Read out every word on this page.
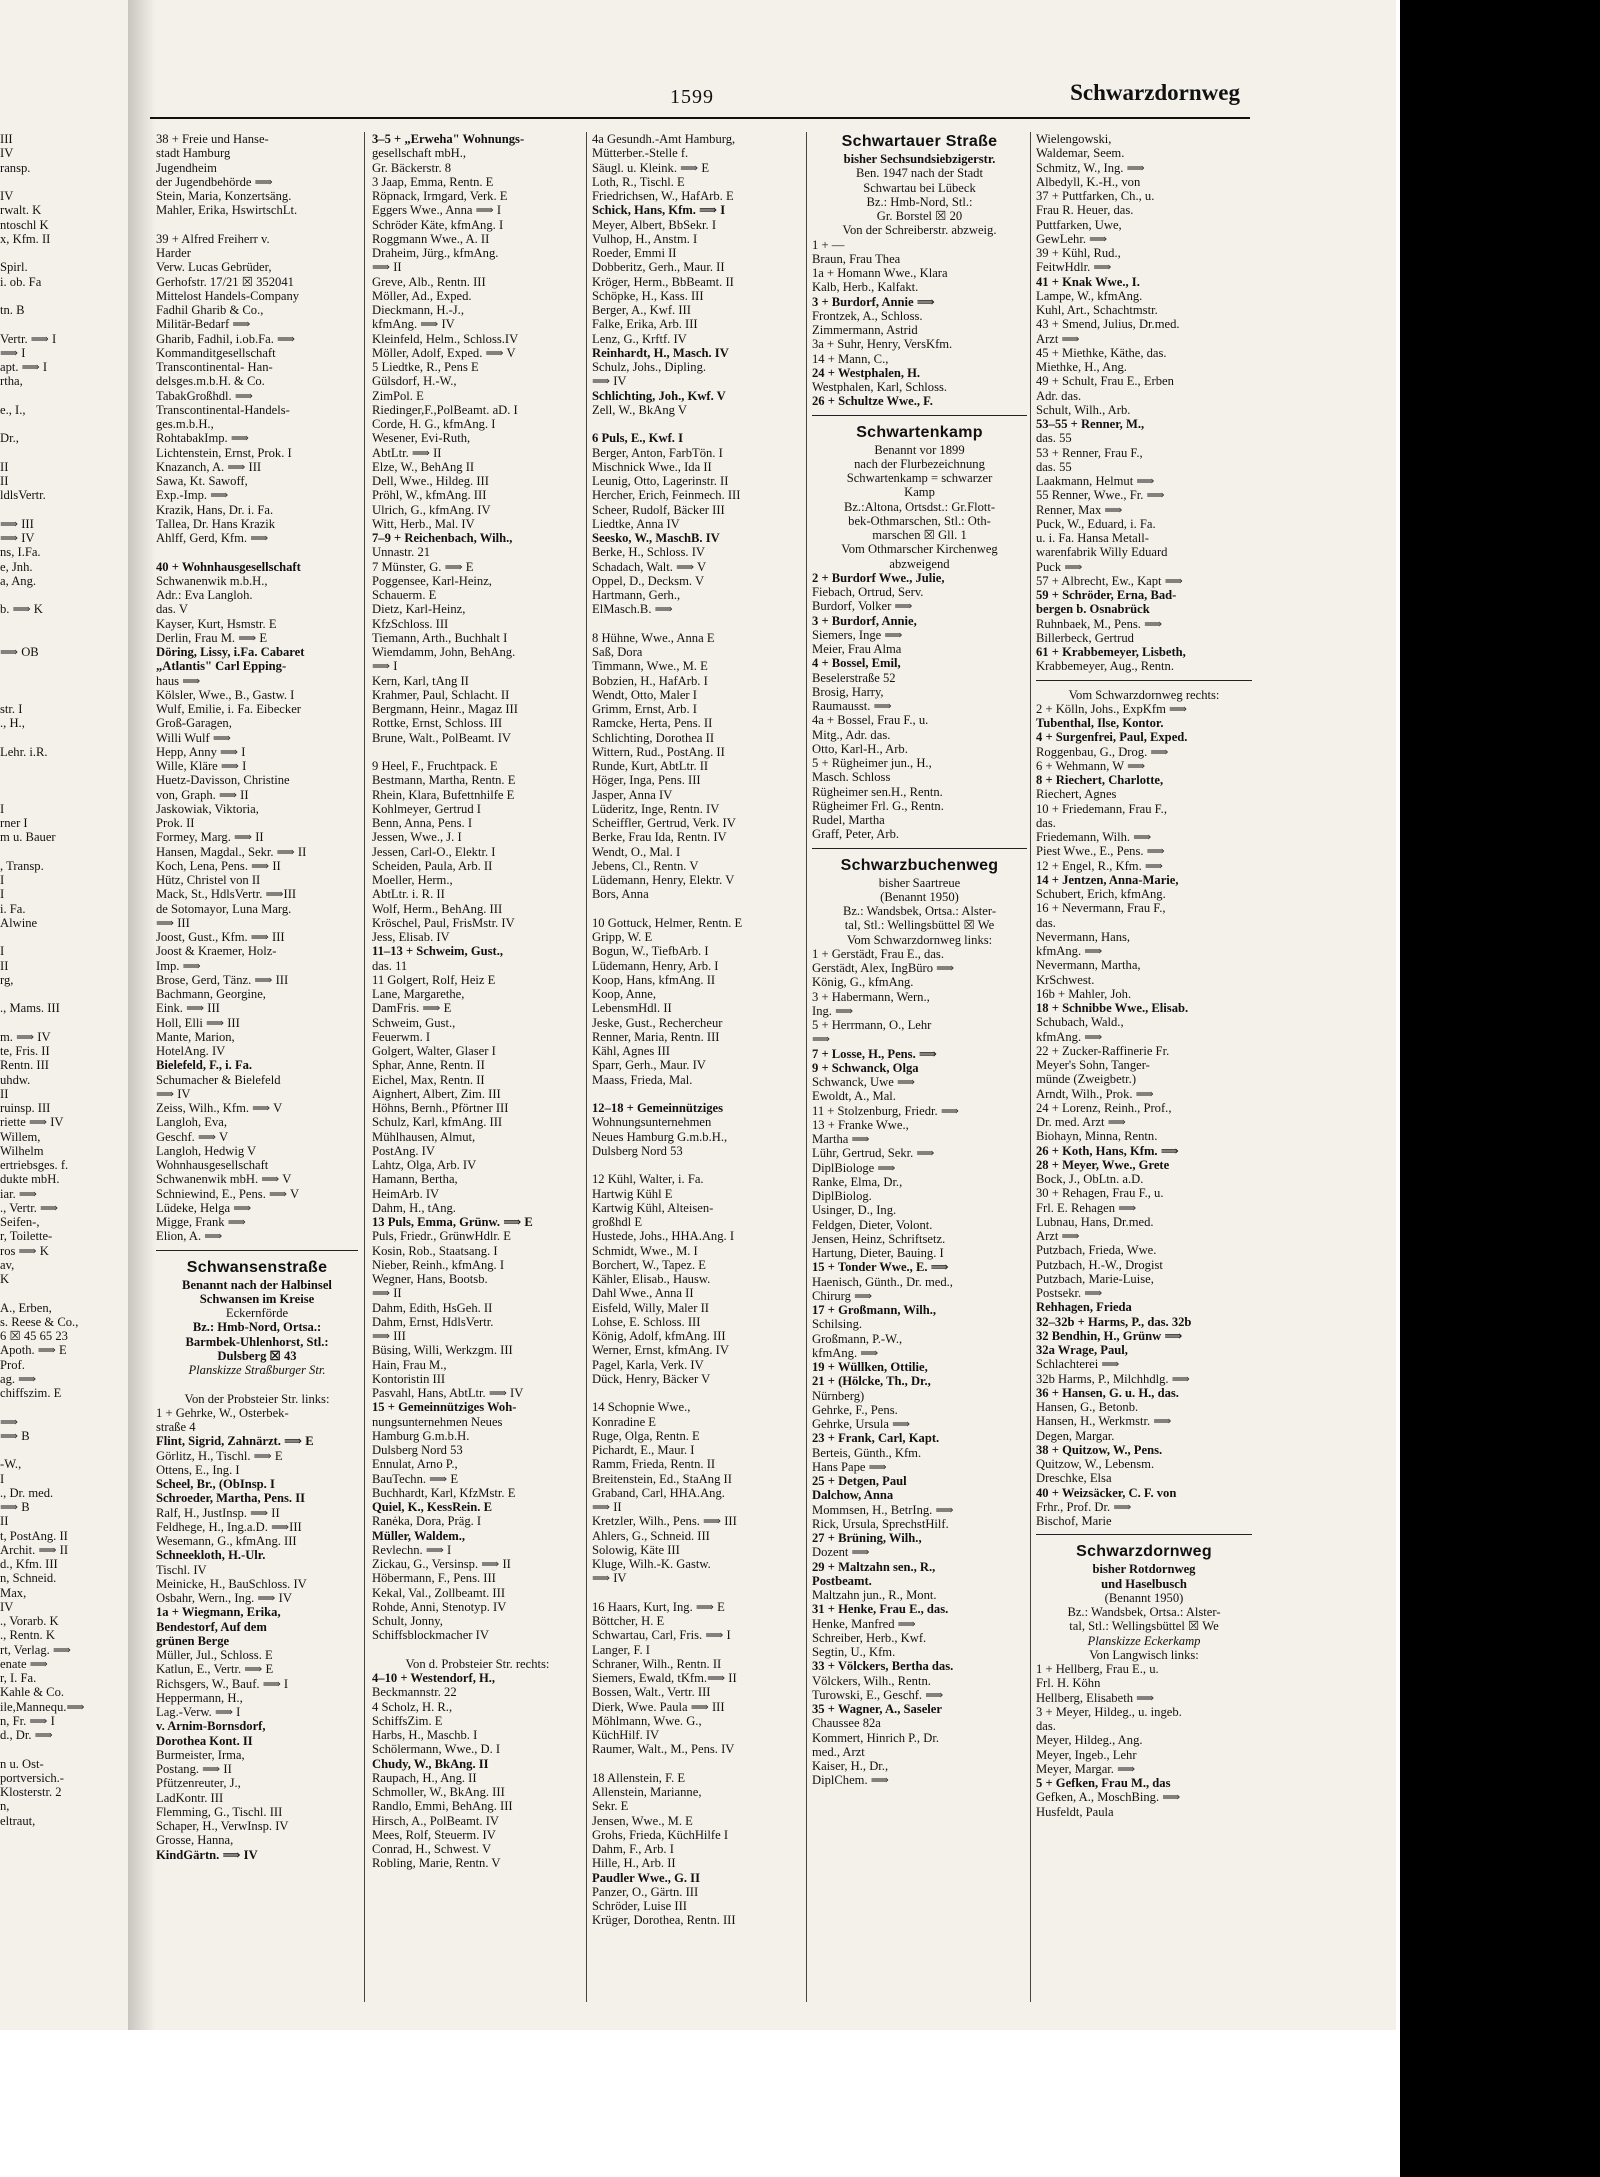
1599	Schwarzdornweg

III

IV

ransp.

IV

rwalt. K

ntoschl K

x, Kfm. II

Spirl.

i. ob. Fa

tn. B

Vertr. ⟹ I

⟹ I

apt. ⟹ I

rtha,

e., I.,

Dr.,

II

II

ldlsVertr.

⟹ III

⟹ IV

ns, I.Fa.

e, Jnh.

a, Ang.

b. ⟹ K

⟹ OB

str. I

., H.,

Lehr. i.R.

I

rner I

m u. Bauer

, Transp.

I

I

i. Fa.

Alwine

I

II

rg,

., Mams. III

m. ⟹ IV

te, Fris. II

Rentn. III

uhdw.

II

ruinsp. III

riette ⟹ IV

Willem,

Wilhelm

ertriebsges. f.

dukte mbH.

iar. ⟹

., Vertr. ⟹

Seifen-,

r, Toilette-

ros ⟹ K

av,

K

A., Erben,

s. Reese & Co.,

6 ☒ 45 65 23

Apoth. ⟹ E

Prof.

ag. ⟹

chiffszim. E

⟹

⟹ B

-W.,

I

., Dr. med.

⟹ B

II

t, PostAng. II

Archit. ⟹ II

d., Kfm. III

n, Schneid.

Max,

IV

., Vorarb. K

., Rentn. K

rt, Verlag. ⟹

enate ⟹

r, I. Fa.

Kahle & Co.

ile,Mannequ.⟹

n, Fr. ⟹ I

d., Dr. ⟹

n u. Ost-

portversich.-

Klosterstr. 2

n,

eltraut,

38 + Freie und Hanse-

stadt Hamburg

Jugendheim

der Jugendbehörde ⟹

Stein, Maria, Konzertsäng.

Mahler, Erika, HswirtschLt.

39 + Alfred Freiherr v.

Harder

Verw. Lucas Gebrüder,

Gerhofstr. 17/21 ☒ 352041

Mittelost Handels-Company

Fadhil Gharib & Co.,

Militär-Bedarf ⟹

Gharib, Fadhil, i.ob.Fa. ⟹

Kommanditgesellschaft

Transcontinental- Han-

delsges.m.b.H. & Co.

TabakGroßhdl. ⟹

Transcontinental-Handels-

ges.m.b.H.,

RohtabakImp. ⟹

Lichtenstein, Ernst, Prok. I

Knazanch, A. ⟹ III

Sawa, Kt. Sawoff,

Exp.-Imp. ⟹

Krazik, Hans, Dr. i. Fa.

Tallea, Dr. Hans Krazik

Ahlff, Gerd, Kfm. ⟹

40 + Wohnhausgesellschaft

Schwanenwik m.b.H.,

Adr.: Eva Langloh.

das. V

Kayser, Kurt, Hsmstr. E

Derlin, Frau M. ⟹ E

Döring, Lissy, i.Fa. Cabaret

„Atlantis" Carl Epping-

haus ⟹

Kölsler, Wwe., B., Gastw. I

Wulf, Emilie, i. Fa. Eibecker

Groß-Garagen,

Willi Wulf ⟹

Hepp, Anny ⟹ I

Wille, Kläre ⟹ I

Huetz-Davisson, Christine

von, Graph. ⟹ II

Jaskowiak, Viktoria,

Prok. II

Formey, Marg. ⟹ II

Hansen, Magdal., Sekr. ⟹ II

Koch, Lena, Pens. ⟹ II

Hütz, Christel von II

Mack, St., HdlsVertr. ⟹III

de Sotomayor, Luna Marg.

⟹ III

Joost, Gust., Kfm. ⟹ III

Joost & Kraemer, Holz-

Imp. ⟹

Brose, Gerd, Tänz. ⟹ III

Bachmann, Georgine,

Eink. ⟹ III

Holl, Elli ⟹ III

Mante, Marion,

HotelAng. IV

Bielefeld, F., i. Fa.

Schumacher & Bielefeld

⟹ IV

Zeiss, Wilh., Kfm. ⟹ V

Langloh, Eva,

Geschf. ⟹ V

Langloh, Hedwig V

Wohnhausgesellschaft

Schwanenwik mbH. ⟹ V

Schniewind, E., Pens. ⟹ V

Lüdeke, Helga ⟹

Migge, Frank ⟹

Elion, A. ⟹

Schwansenstraße

Benannt nach der Halbinsel

Schwansen im Kreise

Eckernförde

Bz.: Hmb-Nord, Ortsa.:

Barmbek-Uhlenhorst, Stl.:

Dulsberg ☒ 43

Planskizze Straßburger Str.

Von der Probsteier Str. links:

1 + Gehrke, W., Osterbek-

straße 4

Flint, Sigrid, Zahnärzt. ⟹ E

Görlitz, H., Tischl. ⟹ E

Ottens, E., Ing. I

Scheel, Br., (ObInsp. I

Schroeder, Martha, Pens. II

Ralf, H., JustInsp. ⟹ II

Feldhege, H., Ing.a.D. ⟹III

Wesemann, G., kfmAng. III

Schneekloth, H.-Ulr.

Tischl. IV

Meinicke, H., BauSchloss. IV

Osbahr, Wern., Ing. ⟹ IV

1a + Wiegmann, Erika,

Bendestorf, Auf dem

grünen Berge

Müller, Jul., Schloss. E

Katlun, E., Vertr. ⟹ E

Richsgers, W., Bauf. ⟹ I

Heppermann, H.,

Lag.-Verw. ⟹ I

v. Arnim-Bornsdorf,

Dorothea Kont. II

Burmeister, Irma,

Postang. ⟹ II

Pfützenreuter, J.,

LadKontr. III

Flemming, G., Tischl. III

Schaper, H., VerwInsp. IV

Grosse, Hanna,

KindGärtn. ⟹ IV

3–5 + „Erweha" Wohnungs-

gesellschaft mbH.,

Gr. Bäckerstr. 8

3 Jaap, Emma, Rentn. E

Röpnack, Irmgard, Verk. E

Eggers Wwe., Anna ⟹ I

Schröder Käte, kfmAng. I

Roggmann Wwe., A. II

Draheim, Jürg., kfmAng.

⟹ II

Greve, Alb., Rentn. III

Möller, Ad., Exped.

Dieckmann, H.-J.,

kfmAng. ⟹ IV

Kleinfeld, Helm., Schloss.IV

Möller, Adolf, Exped. ⟹ V

5 Liedtke, R., Pens E

Gülsdorf, H.-W.,

ZimPol. E

Riedinger,F.,PolBeamt. aD. I

Corde, H. G., kfmAng. I

Wesener, Evi-Ruth,

AbtLtr. ⟹ II

Elze, W., BehAng II

Dell, Wwe., Hildeg. III

Pröhl, W., kfmAng. III

Ulrich, G., kfmAng. IV

Witt, Herb., Mal. IV

7–9 + Reichenbach, Wilh.,

Unnastr. 21

7 Münster, G. ⟹ E

Poggensee, Karl-Heinz,

Schauerm. E

Dietz, Karl-Heinz,

KfzSchloss. III

Tiemann, Arth., Buchhalt I

Wiemdamm, John, BehAng.

⟹ I

Kern, Karl, tAng II

Krahmer, Paul, Schlacht. II

Bergmann, Heinr., Magaz III

Rottke, Ernst, Schloss. III

Brune, Walt., PolBeamt. IV

9 Heel, F., Fruchtpack. E

Bestmann, Martha, Rentn. E

Rhein, Klara, Bufettnhilfe E

Kohlmeyer, Gertrud I

Benn, Anna, Pens. I

Jessen, Wwe., J. I

Jessen, Carl-O., Elektr. I

Scheiden, Paula, Arb. II

Moeller, Herm.,

AbtLtr. i. R. II

Wolf, Herm., BehAng. III

Kröschel, Paul, FrisMstr. IV

Jess, Elisab. IV

11–13 + Schweim, Gust.,

das. 11

11 Golgert, Rolf, Heiz E

Lane, Margarethe,

DamFris. ⟹ E

Schweim, Gust.,

Feuerwm. I

Golgert, Walter, Glaser I

Sphar, Anne, Rentn. II

Eichel, Max, Rentn. II

Aignhert, Albert, Zim. III

Höhns, Bernh., Pförtner III

Schulz, Karl, kfmAng. III

Mühlhausen, Almut,

PostAng. IV

Lahtz, Olga, Arb. IV

Hamann, Bertha,

HeimArb. IV

Dahm, H., tAng.

13 Puls, Emma, Grünw. ⟹ E

Puls, Friedr., GrünwHdlr. E

Kosin, Rob., Staatsang. I

Nieber, Reinh., kfmAng. I

Wegner, Hans, Bootsb.

⟹ II

Dahm, Edith, HsGeh. II

Dahm, Ernst, HdlsVertr.

⟹ III

Büsing, Willi, Werkzgm. III

Hain, Frau M.,

Kontoristin III

Pasvahl, Hans, AbtLtr. ⟹ IV

15 + Gemeinnütziges Woh-

nungsunternehmen Neues

Hamburg G.m.b.H.

Dulsberg Nord 53

Ennulat, Arno P.,

BauTechn. ⟹ E

Buchhardt, Karl, KfzMstr. E

Quiel, K., KessRein. E

Ranėka, Dora, Präg. I

Müller, Waldem.,

Revlechn. ⟹ I

Zickau, G., Versinsp. ⟹ II

Höbermann, F., Pens. III

Kekal, Val., Zollbeamt. III

Rohde, Anni, Stenotyp. IV

Schult, Jonny,

Schiffsblockmacher IV

Von d. Probsteier Str. rechts:

4–10 + Westendorf, H.,

Beckmannstr. 22

4 Scholz, H. R.,

SchiffsZim. E

Harbs, H., Maschb. I

Schölermann, Wwe., D. I

Chudy, W., BkAng. II

Raupach, H., Ang. II

Schmoller, W., BkAng. III

Randlo, Emmi, BehAng. III

Hirsch, A., PolBeamt. IV

Mees, Rolf, Steuerm. IV

Conrad, H., Schwest. V

Robling, Marie, Rentn. V

4a Gesundh.-Amt Hamburg,

Mütterber.-Stelle f.

Säugl. u. Kleink. ⟹ E

Loth, R., Tischl. E

Friedrichsen, W., HafArb. E

Schick, Hans, Kfm. ⟹ I

Meyer, Albert, BbSekr. I

Vulhop, H., Anstm. I

Roeder, Emmi II

Dobberitz, Gerh., Maur. II

Kröger, Herm., BbBeamt. II

Schöpke, H., Kass. III

Berger, A., Kwf. III

Falke, Erika, Arb. III

Lenz, G., Krftf. IV

Reinhardt, H., Masch. IV

Schulz, Johs., Dipling.

⟹ IV

Schlichting, Joh., Kwf. V

Zell, W., BkAng V

6 Puls, E., Kwf. I

Berger, Anton, FarbTön. I

Mischnick Wwe., Ida II

Leunig, Otto, Lagerinstr. II

Hercher, Erich, Feinmech. III

Scheer, Rudolf, Bäcker III

Liedtke, Anna IV

Seesko, W., MaschB. IV

Berke, H., Schloss. IV

Schadach, Walt. ⟹ V

Oppel, D., Decksm. V

Hartmann, Gerh.,

ElMasch.B. ⟹

8 Hühne, Wwe., Anna E

Saß, Dora

Timmann, Wwe., M. E

Bobzien, H., HafArb. I

Wendt, Otto, Maler I

Grimm, Ernst, Arb. I

Ramcke, Herta, Pens. II

Schlichting, Dorothea II

Wittern, Rud., PostAng. II

Runde, Kurt, AbtLtr. II

Höger, Inga, Pens. III

Jasper, Anna IV

Lüderitz, Inge, Rentn. IV

Scheiffler, Gertrud, Verk. IV

Berke, Frau Ida, Rentn. IV

Wendt, O., Mal. I

Jebens, Cl., Rentn. V

Lüdemann, Henry, Elektr. V

Bors, Anna

10 Gottuck, Helmer, Rentn. E

Gripp, W. E

Bogun, W., TiefbArb. I

Lüdemann, Henry, Arb. I

Koop, Hans, kfmAng. II

Koop, Anne,

LebensmHdl. II

Jeske, Gust., Rechercheur

Renner, Maria, Rentn. III

Kähl, Agnes III

Sparr, Gerh., Maur. IV

Maass, Frieda, Mal.

12–18 + Gemeinnütziges

Wohnungsunternehmen

Neues Hamburg G.m.b.H.,

Dulsberg Nord 53

12 Kühl, Walter, i. Fa.

Hartwig Kühl E

Kartwig Kühl, Alteisen-

großhdl E

Hustede, Johs., HHA.Ang. I

Schmidt, Wwe., M. I

Borchert, W., Tapez. E

Kähler, Elisab., Hausw.

Dahl Wwe., Anna II

Eisfeld, Willy, Maler II

Lohse, E. Schloss. III

König, Adolf, kfmAng. III

Werner, Ernst, kfmAng. IV

Pagel, Karla, Verk. IV

Dück, Henry, Bäcker V

14 Schopnie Wwe.,

Konradine E

Ruge, Olga, Rentn. E

Pichardt, E., Maur. I

Ramm, Frieda, Rentn. II

Breitenstein, Ed., StaAng II

Graband, Carl, HHA.Ang.

⟹ II

Kretzler, Wilh., Pens. ⟹ III

Ahlers, G., Schneid. III

Solowig, Käte III

Kluge, Wilh.-K. Gastw.

⟹ IV

16 Haars, Kurt, Ing. ⟹ E

Böttcher, H. E

Schwartau, Carl, Fris. ⟹ I

Langer, F. I

Schraner, Wilh., Rentn. II

Siemers, Ewald, tKfm.⟹ II

Bossen, Walt., Vertr. III

Dierk, Wwe. Paula ⟹ III

Möhlmann, Wwe. G.,

KüchHilf. IV

Raumer, Walt., M., Pens. IV

18 Allenstein, F. E

Allenstein, Marianne,

Sekr. E

Jensen, Wwe., M. E

Grohs, Frieda, KüchHilfe I

Dahm, F., Arb. I

Hille, H., Arb. II

Paudler Wwe., G. II

Panzer, O., Gärtn. III

Schröder, Luise III

Krüger, Dorothea, Rentn. III

Schwartauer Straße

bisher Sechsundsiebzigerstr.

Ben. 1947 nach der Stadt

Schwartau bei Lübeck

Bz.: Hmb-Nord, Stl.:

Gr. Borstel ☒ 20

Von der Schreiberstr. abzweig.

1 + —

Braun, Frau Thea

1a + Homann Wwe., Klara

Kalb, Herb., Kalfakt.

3 + Burdorf, Annie ⟹

Frontzek, A., Schloss.

Zimmermann, Astrid

3a + Suhr, Henry, VersKfm.

14 + Mann, C.,

24 + Westphalen, H.

Westphalen, Karl, Schloss.

26 + Schultze Wwe., F.

Schwartenkamp

Benannt vor 1899

nach der Flurbezeichnung

Schwartenkamp = schwarzer

Kamp

Bz.:Altona, Ortsdst.: Gr.Flott-

bek-Othmarschen, Stl.: Oth-

marschen ☒ Gll. 1

Vom Othmarscher Kirchenweg

abzweigend

2 + Burdorf Wwe., Julie,

Fiebach, Ortrud, Serv.

Burdorf, Volker ⟹

3 + Burdorf, Annie,

Siemers, Inge ⟹

Meier, Frau Alma

4 + Bossel, Emil,

Beselerstraße 52

Brosig, Harry,

Raumausst. ⟹

4a + Bossel, Frau F., u.

Mitg., Adr. das.

Otto, Karl-H., Arb.

5 + Rügheimer jun., H.,

Masch. Schloss

Rügheimer sen.H., Rentn.

Rügheimer Frl. G., Rentn.

Rudel, Martha

Graff, Peter, Arb.

Schwarzbuchenweg

bisher Saartreue

(Benannt 1950)

Bz.: Wandsbek, Ortsa.: Alster-

tal, Stl.: Wellingsbüttel ☒ We

Vom Schwarzdornweg links:

1 + Gerstädt, Frau E., das.

Gerstädt, Alex, IngBüro ⟹

König, G., kfmAng.

3 + Habermann, Wern.,

Ing. ⟹

5 + Herrmann, O., Lehr

⟹

7 + Losse, H., Pens. ⟹

9 + Schwanck, Olga

Schwanck, Uwe ⟹

Ewoldt, A., Mal.

11 + Stolzenburg, Friedr. ⟹

13 + Franke Wwe.,

Martha ⟹

Lühr, Gertrud, Sekr. ⟹

DiplBiologe ⟹

Ranke, Elma, Dr.,

DiplBiolog.

Usinger, D., Ing.

Feldgen, Dieter, Volont.

Jensen, Heinz, Schriftsetz.

Hartung, Dieter, Bauing. I

15 + Tonder Wwe., E. ⟹

Haenisch, Günth., Dr. med.,

Chirurg ⟹

17 + Großmann, Wilh.,

Schilsing.

Großmann, P.-W.,

kfmAng. ⟹

19 + Wüllken, Ottilie,

21 + (Hölcke, Th., Dr.,

Nürnberg)

Gehrke, F., Pens.

Gehrke, Ursula ⟹

23 + Frank, Carl, Kapt.

Berteis, Günth., Kfm.

Hans Pape ⟹

25 + Detgen, Paul

Dalchow, Anna

Mommsen, H., BetrIng. ⟹

Rick, Ursula, SprechstHilf.

27 + Brüning, Wilh.,

Dozent ⟹

29 + Maltzahn sen., R.,

Postbeamt.

Maltzahn jun., R., Mont.

31 + Henke, Frau E., das.

Henke, Manfred ⟹

Schreiber, Herb., Kwf.

Segtin, U., Kfm.

33 + Völckers, Bertha das.

Völckers, Wilh., Rentn.

Turowski, E., Geschf. ⟹

35 + Wagner, A., Saseler

Chaussee 82a

Kommert, Hinrich P., Dr.

med., Arzt

Kaiser, H., Dr.,

DiplChem. ⟹

Wielengowski,

Waldemar, Seem.

Schmitz, W., Ing. ⟹

Albedyll, K.-H., von

37 + Puttfarken, Ch., u.

Frau R. Heuer, das.

Puttfarken, Uwe,

GewLehr. ⟹

39 + Kühl, Rud.,

FeitwHdlr. ⟹

41 + Knak Wwe., I.

Lampe, W., kfmAng.

Kuhl, Art., Schachtmstr.

43 + Smend, Julius, Dr.med.

Arzt ⟹

45 + Miethke, Käthe, das.

Miethke, H., Ang.

49 + Schult, Frau E., Erben

Adr. das.

Schult, Wilh., Arb.

53–55 + Renner, M.,

das. 55

53 + Renner, Frau F.,

das. 55

Laakmann, Helmut ⟹

55 Renner, Wwe., Fr. ⟹

Renner, Max ⟹

Puck, W., Eduard, i. Fa.

u. i. Fa. Hansa Metall-

warenfabrik Willy Eduard

Puck ⟹

57 + Albrecht, Ew., Kapt ⟹

59 + Schröder, Erna, Bad-

bergen b. Osnabrück

Ruhnbaek, M., Pens. ⟹

Billerbeck, Gertrud

61 + Krabbemeyer, Lisbeth,

Krabbemeyer, Aug., Rentn.

Vom Schwarzdornweg rechts:

2 + Kölln, Johs., ExpKfm ⟹

Tubenthal, Ilse, Kontor.

4 + Surgenfrei, Paul, Exped.

Roggenbau, G., Drog. ⟹

6 + Wehmann, W ⟹

8 + Riechert, Charlotte,

Riechert, Agnes

10 + Friedemann, Frau F.,

das.

Friedemann, Wilh. ⟹

Piest Wwe., E., Pens. ⟹

12 + Engel, R., Kfm. ⟹

14 + Jentzen, Anna-Marie,

Schubert, Erich, kfmAng.

16 + Nevermann, Frau F.,

das.

Nevermann, Hans,

kfmAng. ⟹

Nevermann, Martha,

KrSchwest.

16b + Mahler, Joh.

18 + Schnibbe Wwe., Elisab.

Schubach, Wald.,

kfmAng. ⟹

22 + Zucker-Raffinerie Fr.

Meyer's Sohn, Tanger-

münde (Zweigbetr.)

Arndt, Wilh., Prok. ⟹

24 + Lorenz, Reinh., Prof.,

Dr. med. Arzt ⟹

Biohayn, Minna, Rentn.

26 + Koth, Hans, Kfm. ⟹

28 + Meyer, Wwe., Grete

Bock, J., ObLtn. a.D.

30 + Rehagen, Frau F., u.

Frl. E. Rehagen ⟹

Lubnau, Hans, Dr.med.

Arzt ⟹

Putzbach, Frieda, Wwe.

Putzbach, H.-W., Drogist

Putzbach, Marie-Luise,

Postsekr. ⟹

Rehhagen, Frieda

32–32b + Harms, P., das. 32b

32 Bendhin, H., Grünw ⟹

32a Wrage, Paul,

Schlachterei ⟹

32b Harms, P., Milchhdlg. ⟹

36 + Hansen, G. u. H., das.

Hansen, G., Betonb.

Hansen, H., Werkmstr. ⟹

Degen, Margar.

38 + Quitzow, W., Pens.

Quitzow, W., Lebensm.

Dreschke, Elsa

40 + Weizsäcker, C. F. von

Frhr., Prof. Dr. ⟹

Bischof, Marie

Schwarzdornweg

bisher Rotdornweg

und Haselbusch

(Benannt 1950)

Bz.: Wandsbek, Ortsa.: Alster-

tal, Stl.: Wellingsbüttel ☒ We

Planskizze Eckerkamp

Von Langwisch links:

1 + Hellberg, Frau E., u.

Frl. H. Köhn

Hellberg, Elisabeth ⟹

3 + Meyer, Hildeg., u. ingeb.

das.

Meyer, Hildeg., Ang.

Meyer, Ingeb., Lehr

Meyer, Margar. ⟹

5 + Gefken, Frau M., das

Gefken, A., MoschBing. ⟹

Husfeldt, Paula
